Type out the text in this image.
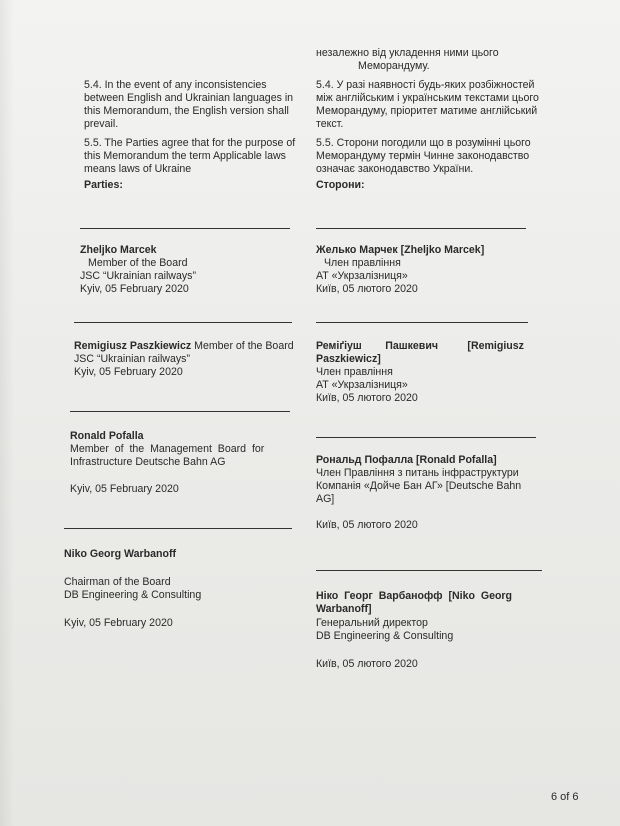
незалежно від укладення ними цього
Меморандуму.
5.4. In the event of any inconsistencies
between English and Ukrainian languages in
this Memorandum, the English version shall
prevail.
5.4. У разі наявності будь-яких розбіжностей
між англійським і українським текстами цього
Меморандуму, пріоритет матиме англійський
текст.
5.5. The Parties agree that for the purpose of
this Memorandum the term Applicable laws
means laws of Ukraine
5.5. Сторони погодили що в розумінні цього
Меморандуму термін Чинне законодавство
означає законодавство України.
Parties:	Сторони:
Zheljko Marcek
Member of the Board
JSC “Ukrainian railways”
Kyiv, 05 February 2020
Желько Марчек [Zheljko Marcek]
Член правління
АТ «Укрзалізниця»
Київ, 05 лютого 2020
Remigiusz Paszkiewicz Member of the Board
JSC “Ukrainian railways”
Kyiv, 05 February 2020
Реміґіуш        Пашкевич          [Remigiusz
Paszkiewicz]
Член правління
АТ «Укрзалізниця»
Київ, 05 лютого 2020
Ronald Pofalla
Member  of  the  Management  Board  for
Infrastructure Deutsche Bahn AG
Kyiv, 05 February 2020
Рональд Пофалла [Ronald Pofalla]
Член Правління з питань інфраструктури
Компанія «Дойче Бан АГ» [Deutsche Bahn
AG]
Київ, 05 лютого 2020
Niko Georg Warbanoff
Chairman of the Board
DB Engineering & Consulting
Kyiv, 05 February 2020
Ніко  Георг  Варбанофф  [Niko  Georg
Warbanoff]
Генеральний директор
DB Engineering & Consulting
Київ, 05 лютого 2020
6 of 6
